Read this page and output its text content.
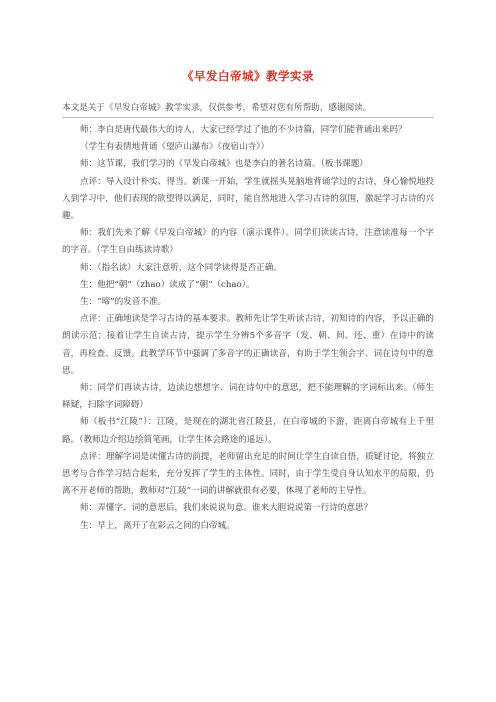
《早发白帝城》教学实录
本文是关于《早发白帝城》教学实录，仅供参考，希望对您有所帮助，感谢阅读。

师：李白是唐代最伟大的诗人，大家已经学过了他的不少诗篇，同学们能背诵出来吗？

（学生有表情地背诵《望庐山瀑布》《夜宿山寺》）

师：这节课，我们学习的《早发白帝城》也是李白的著名诗篇。（板书课题）

点评：导入设计朴实、得当。新课一开始，学生就摇头晃脑地背诵学过的古诗，身心愉悦地投入到学习中，他们表现的欲望得以满足，同时，能自然地进入学习古诗的氛围，激起学习古诗的兴趣。

师：我们先来了解《早发白帝城》的内容（演示课件）。同学们读读古诗，注意读准每一个字的字音。（学生自由练读诗歌）

师：（指名读）大家注意听，这个同学读得是否正确。

生：他把“朝”（zhao）读成了“朝”（chao）。

生：“啼”的发音不准。

点评：正确地读是学习古诗的基本要求。教师先让学生听读古诗，初知诗的内容，予以正确的朗读示范；接着让学生自读古诗，提示学生分辨5个多音字（发、朝、间、还、重）在诗中的读音，再检查、反馈。此教学环节中强调了多音字的正确读音，有助于学生领会字、词在诗句中的意思。

师：同学们再读古诗，边读边想想字、词在诗句中的意思，把不能理解的字词标出来。（师生释疑，扫除字词障碍）

师（板书“江陵”）：江陵，是现在的湖北省江陵县，在白帝城的下游，距离白帝城有上千里路。（教师边介绍边绘简笔画，让学生体会路途的遥远）。

点评：理解字词是读懂古诗的前提，老师留出充足的时间让学生自读自悟，质疑讨论，将独立思考与合作学习结合起来，充分发挥了学生的主体性。同时，由于学生受自身认知水平的局限，仍离不开老师的帮助，教师对“江陵”一词的讲解就很有必要，体现了老师的主导性。

师：弄懂字、词的意思后，我们来说说句意。谁来大胆说说第一行诗的意思？

生：早上，离开了在彩云之间的白帝城。
